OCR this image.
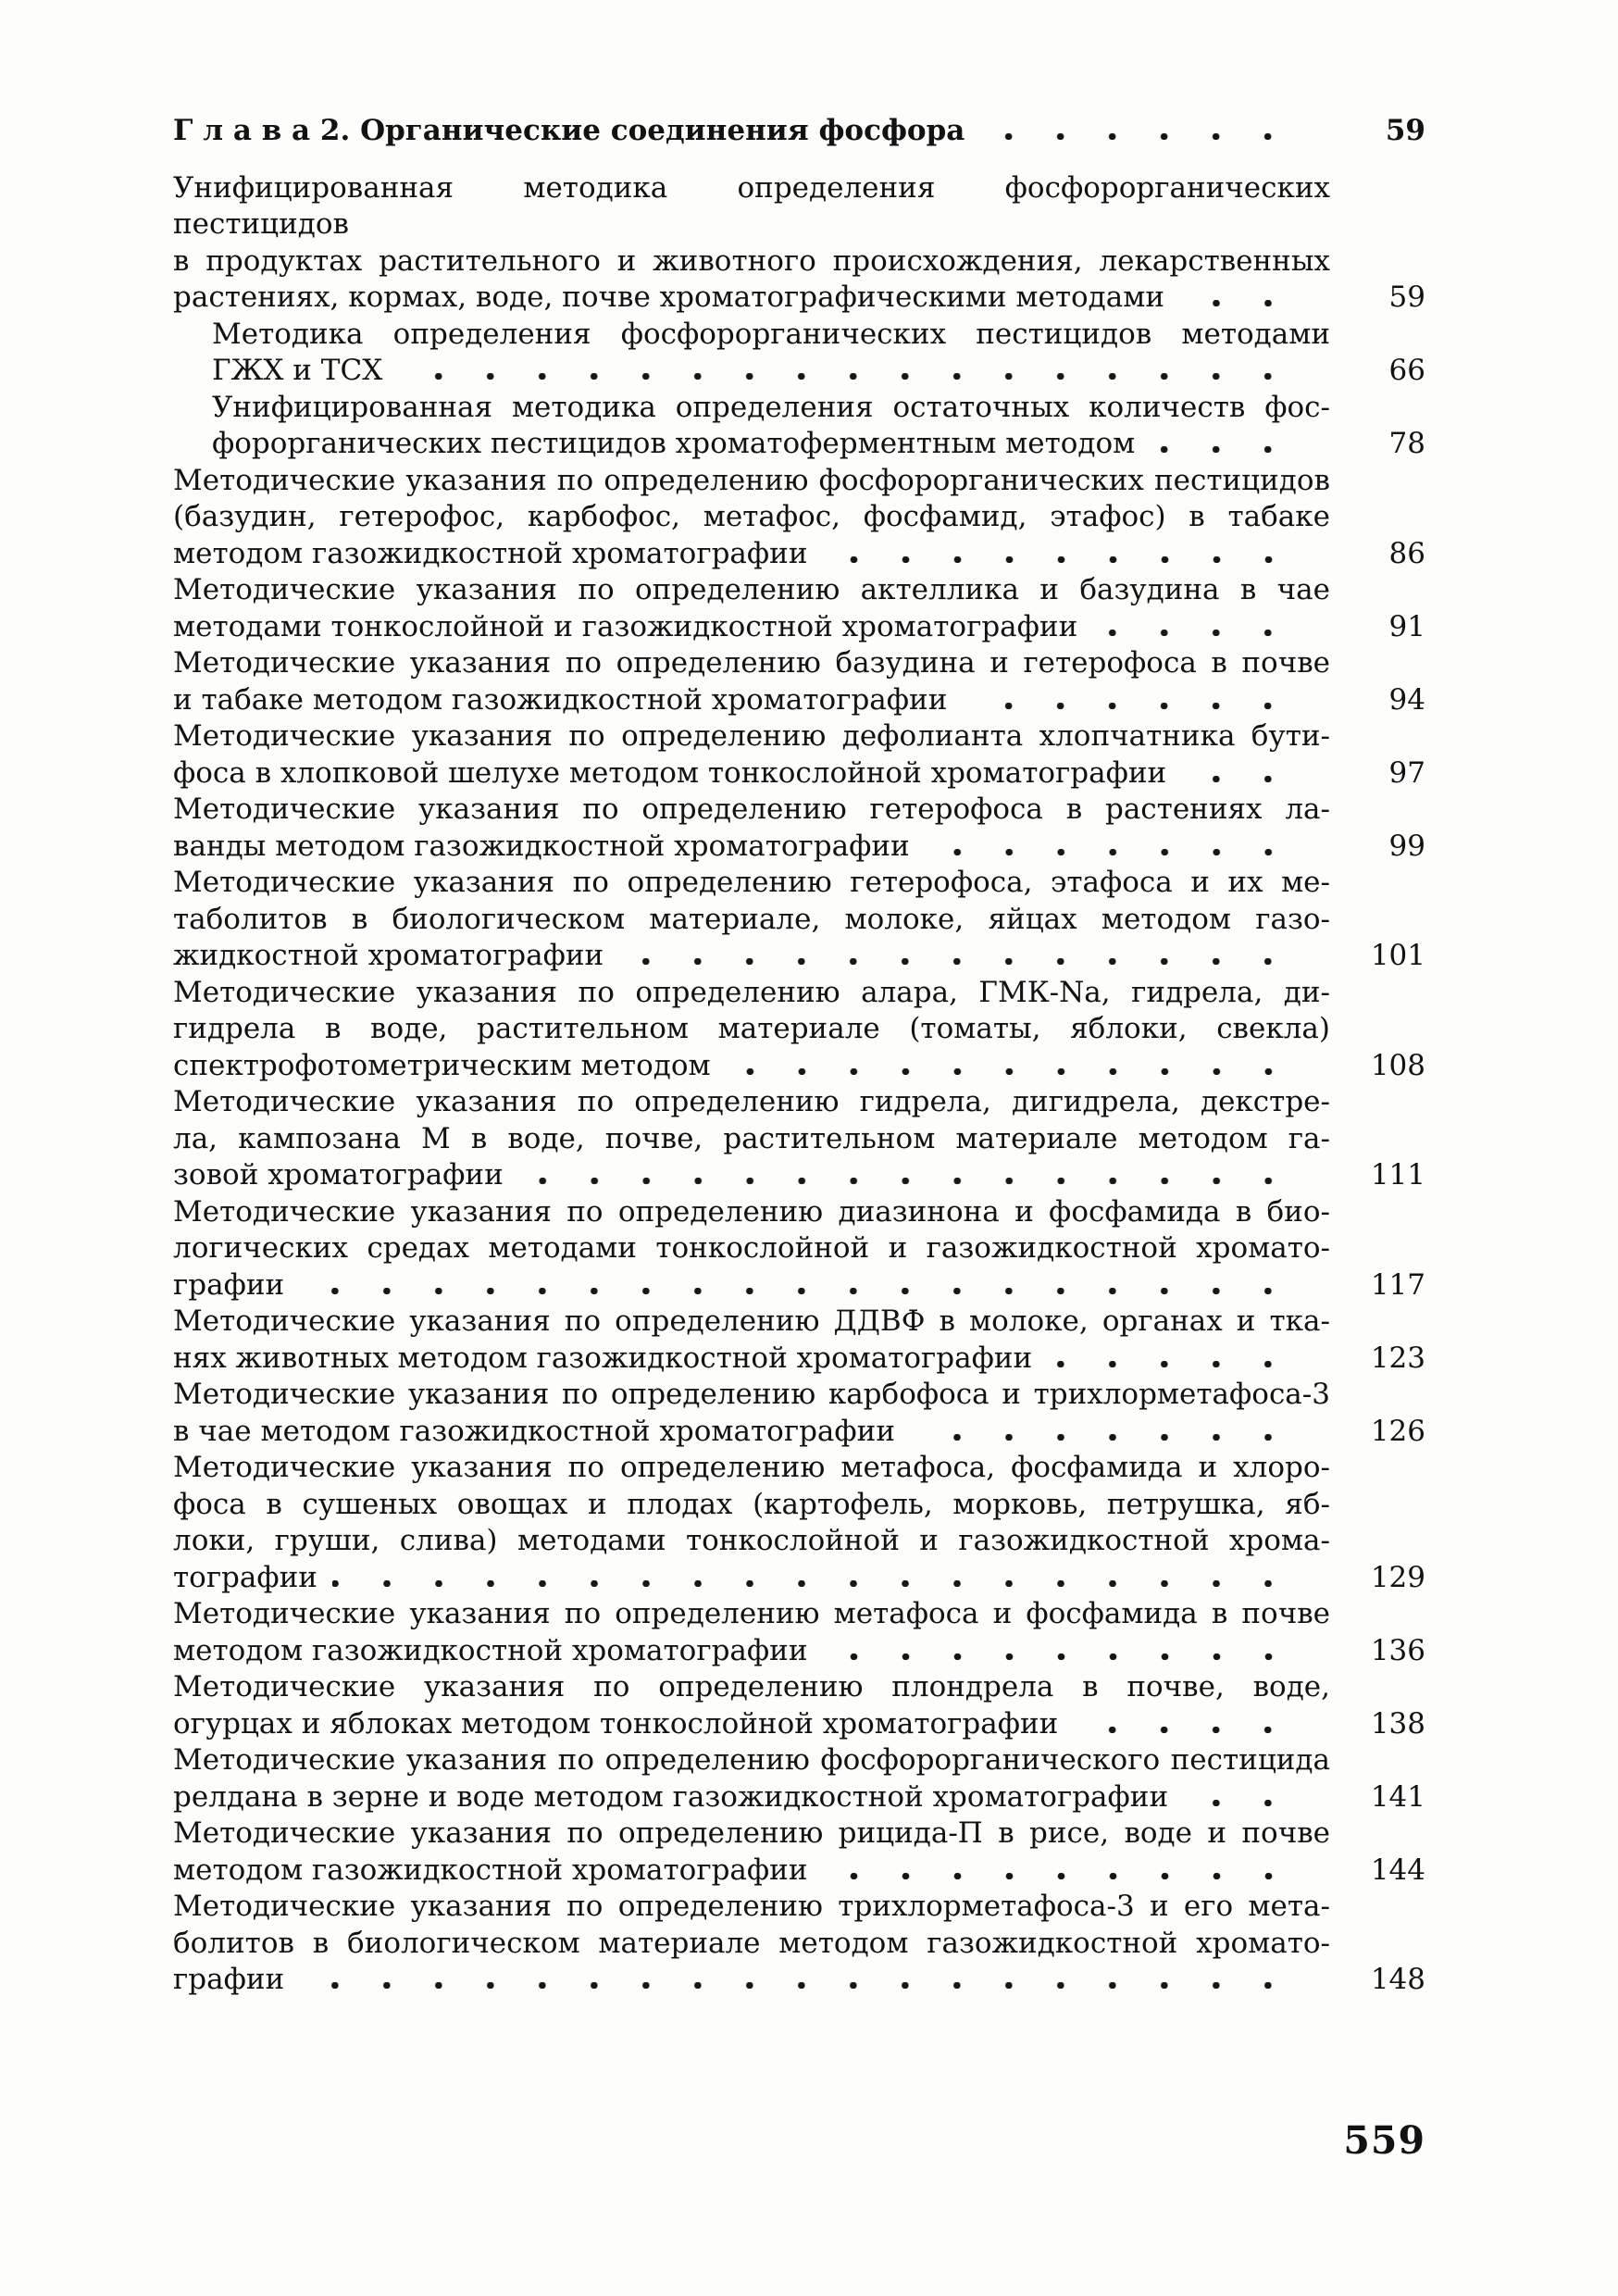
Г л а в а 2. Органические соединения фосфора	59
Унифицированная методика определения фосфорорганических пестицидов
в продуктах растительного и животного происхождения, лекарственных
растениях, кормах, воде, почве хроматографическими методами	59
Методика определения фосфорорганических пестицидов методами
ГЖХ и ТСХ	66
Унифицированная методика определения остаточных количеств фос-
форорганических пестицидов хроматоферментным методом	78
Методические указания по определению фосфорорганических пестицидов
(базудин, гетерофос, карбофос, метафос, фосфамид, этафос) в табаке
методом газожидкостной хроматографии	86
Методические указания по определению актеллика и базудина в чае
методами тонкослойной и газожидкостной хроматографии	91
Методические указания по определению базудина и гетерофоса в почве
и табаке методом газожидкостной хроматографии	94
Методические указания по определению дефолианта хлопчатника бути-
фоса в хлопковой шелухе методом тонкослойной хроматографии	97
Методические указания по определению гетерофоса в растениях ла-
ванды методом газожидкостной хроматографии	99
Методические указания по определению гетерофоса, этафоса и их ме-
таболитов в биологическом материале, молоке, яйцах методом газо-
жидкостной хроматографии	101
Методические указания по определению алара, ГМК-Na, гидрела, ди-
гидрела в воде, растительном материале (томаты, яблоки, свекла)
спектрофотометрическим методом	108
Методические указания по определению гидрела, дигидрела, декстре-
ла, кампозана М в воде, почве, растительном материале методом га-
зовой хроматографии	111
Методические указания по определению диазинона и фосфамида в био-
логических средах методами тонкослойной и газожидкостной хромато-
графии	117
Методические указания по определению ДДВФ в молоке, органах и тка-
нях животных методом газожидкостной хроматографии	123
Методические указания по определению карбофоса и трихлорметафоса-3
в чае методом газожидкостной хроматографии	126
Методические указания по определению метафоса, фосфамида и хлоро-
фоса в сушеных овощах и плодах (картофель, морковь, петрушка, яб-
локи, груши, слива) методами тонкослойной и газожидкостной хрома-
тографии	129
Методические указания по определению метафоса и фосфамида в почве
методом газожидкостной хроматографии	136
Методические указания по определению плондрела в почве, воде,
огурцах и яблоках методом тонкослойной хроматографии	138
Методические указания по определению фосфорорганического пестицида
релдана в зерне и воде методом газожидкостной хроматографии	141
Методические указания по определению рицида-П в рисе, воде и почве
методом газожидкостной хроматографии	144
Методические указания по определению трихлорметафоса-3 и его мета-
болитов в биологическом материале методом газожидкостной хромато-
графии	148
559
